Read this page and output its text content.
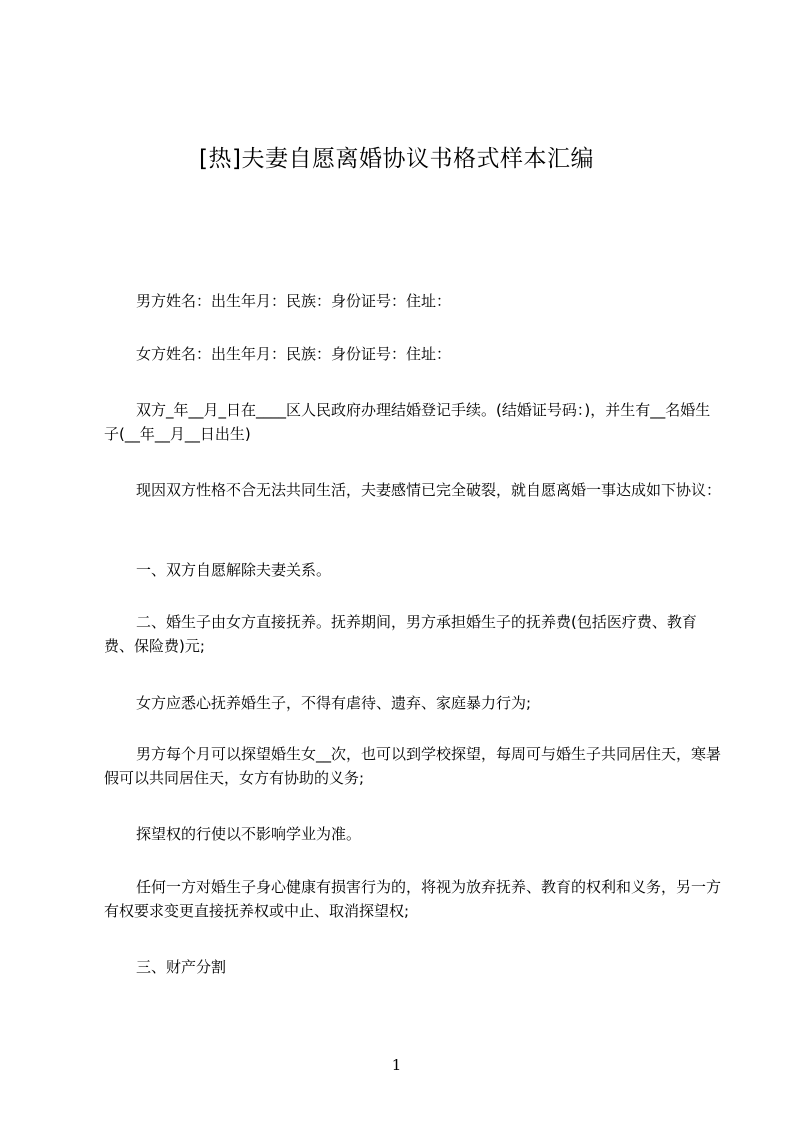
[热]夫妻自愿离婚协议书格式样本汇编
男方姓名：出生年月：民族：身份证号：住址：
女方姓名：出生年月：民族：身份证号：住址：
双方_年__月_日在____区人民政府办理结婚登记手续。(结婚证号码：)，并生有__名婚生子(__年__月__日出生)
现因双方性格不合无法共同生活，夫妻感情已完全破裂，就自愿离婚一事达成如下协议：
一、双方自愿解除夫妻关系。
二、婚生子由女方直接抚养。抚养期间，男方承担婚生子的抚养费(包括医疗费、教育费、保险费)元;
女方应悉心抚养婚生子，不得有虐待、遗弃、家庭暴力行为;
男方每个月可以探望婚生女__次，也可以到学校探望，每周可与婚生子共同居住天，寒暑假可以共同居住天，女方有协助的义务;
探望权的行使以不影响学业为准。
任何一方对婚生子身心健康有损害行为的，将视为放弃抚养、教育的权利和义务，另一方有权要求变更直接抚养权或中止、取消探望权;
三、财产分割
1
